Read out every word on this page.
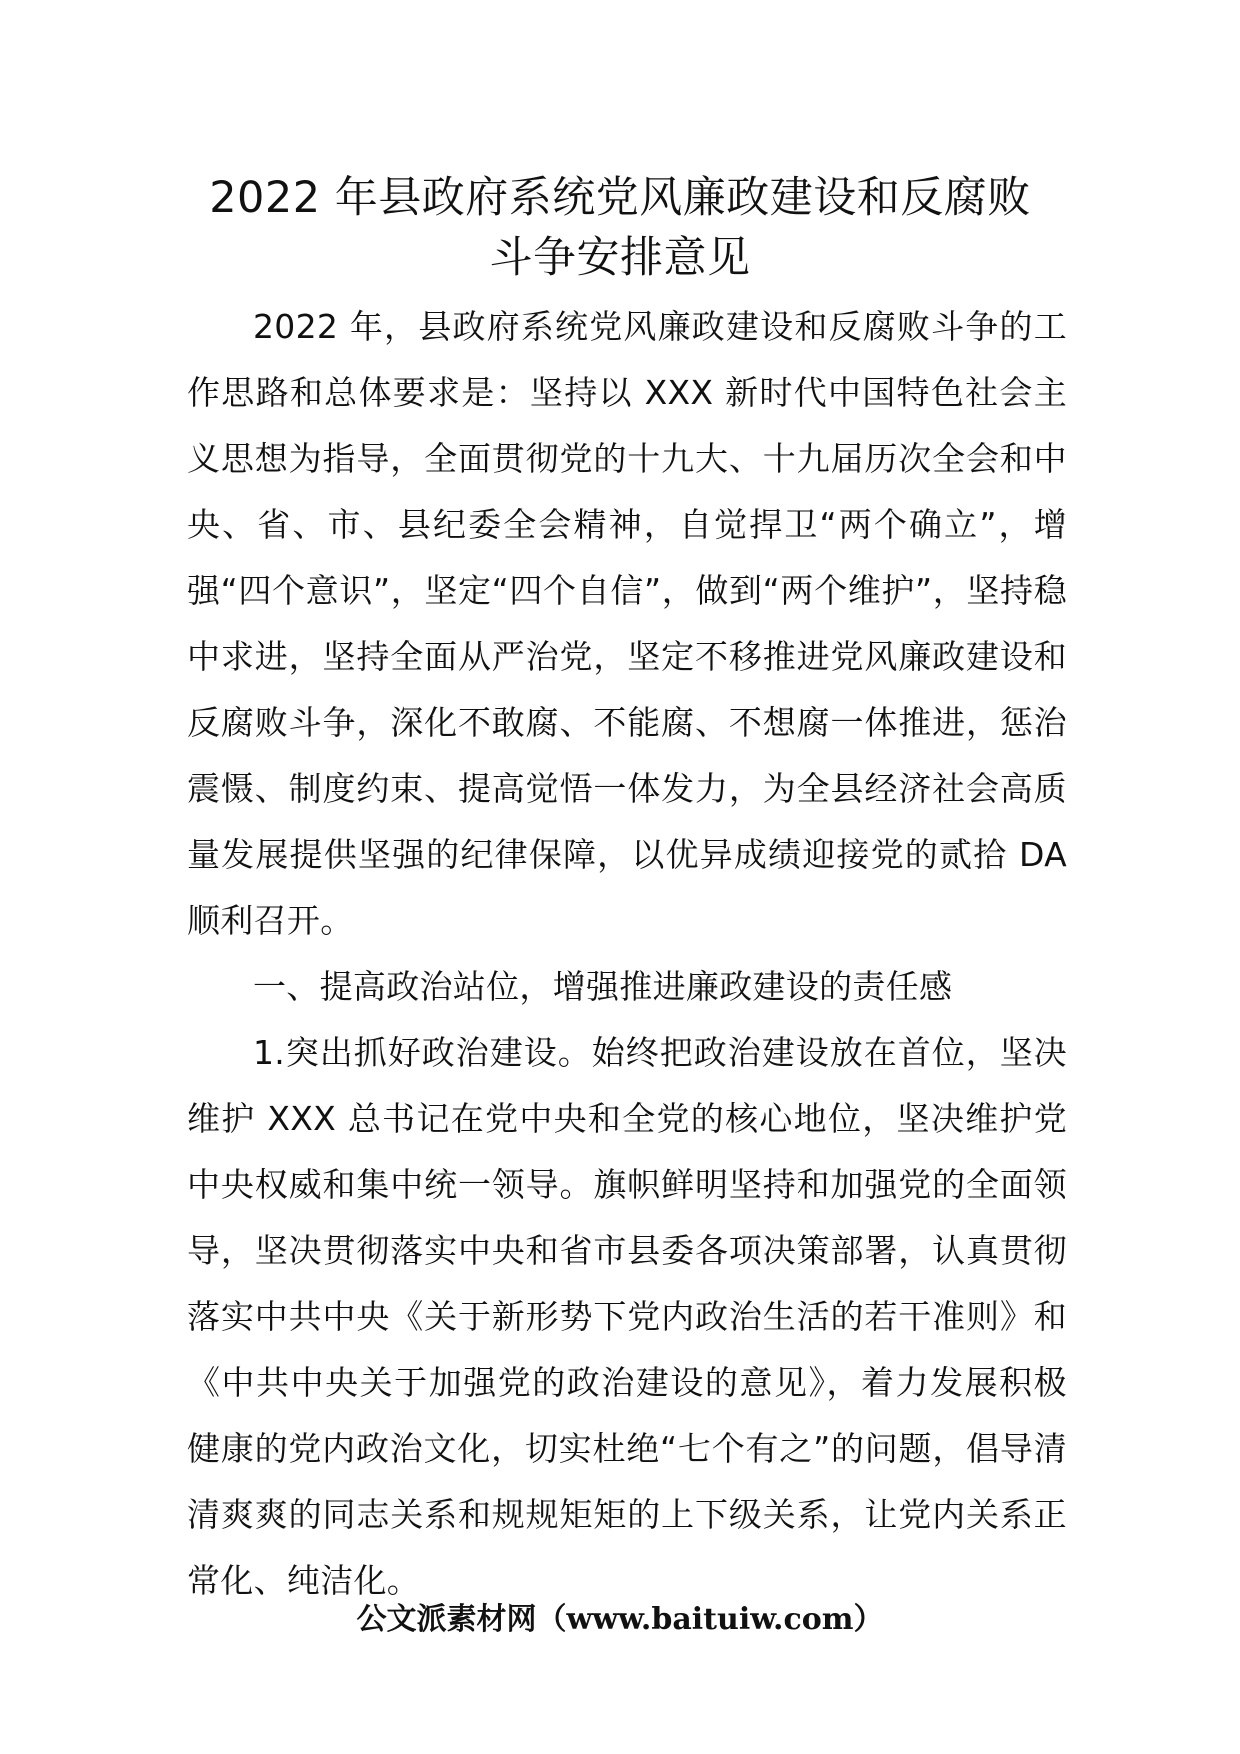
2022 年县政府系统党风廉政建设和反腐败
斗争安排意见

2022 年，县政府系统党风廉政建设和反腐败斗争的工作思路和总体要求是：坚持以 XXX 新时代中国特色社会主义思想为指导，全面贯彻党的十九大、十九届历次全会和中央、省、市、县纪委全会精神，自觉捍卫“两个确立”，增强“四个意识”，坚定“四个自信”，做到“两个维护”，坚持稳中求进，坚持全面从严治党，坚定不移推进党风廉政建设和反腐败斗争，深化不敢腐、不能腐、不想腐一体推进，惩治震慑、制度约束、提高觉悟一体发力，为全县经济社会高质量发展提供坚强的纪律保障，以优异成绩迎接党的贰拾 DA 顺利召开。

一、提高政治站位，增强推进廉政建设的责任感

1.突出抓好政治建设。始终把政治建设放在首位，坚决维护 XXX 总书记在党中央和全党的核心地位，坚决维护党中央权威和集中统一领导。旗帜鲜明坚持和加强党的全面领导，坚决贯彻落实中央和省市县委各项决策部署，认真贯彻落实中共中央《关于新形势下党内政治生活的若干准则》和《中共中央关于加强党的政治建设的意见》，着力发展积极健康的党内政治文化，切实杜绝“七个有之”的问题，倡导清清爽爽的同志关系和规规矩矩的上下级关系，让党内关系正常化、纯洁化。

公文派素材网（www.baituiw.com）
